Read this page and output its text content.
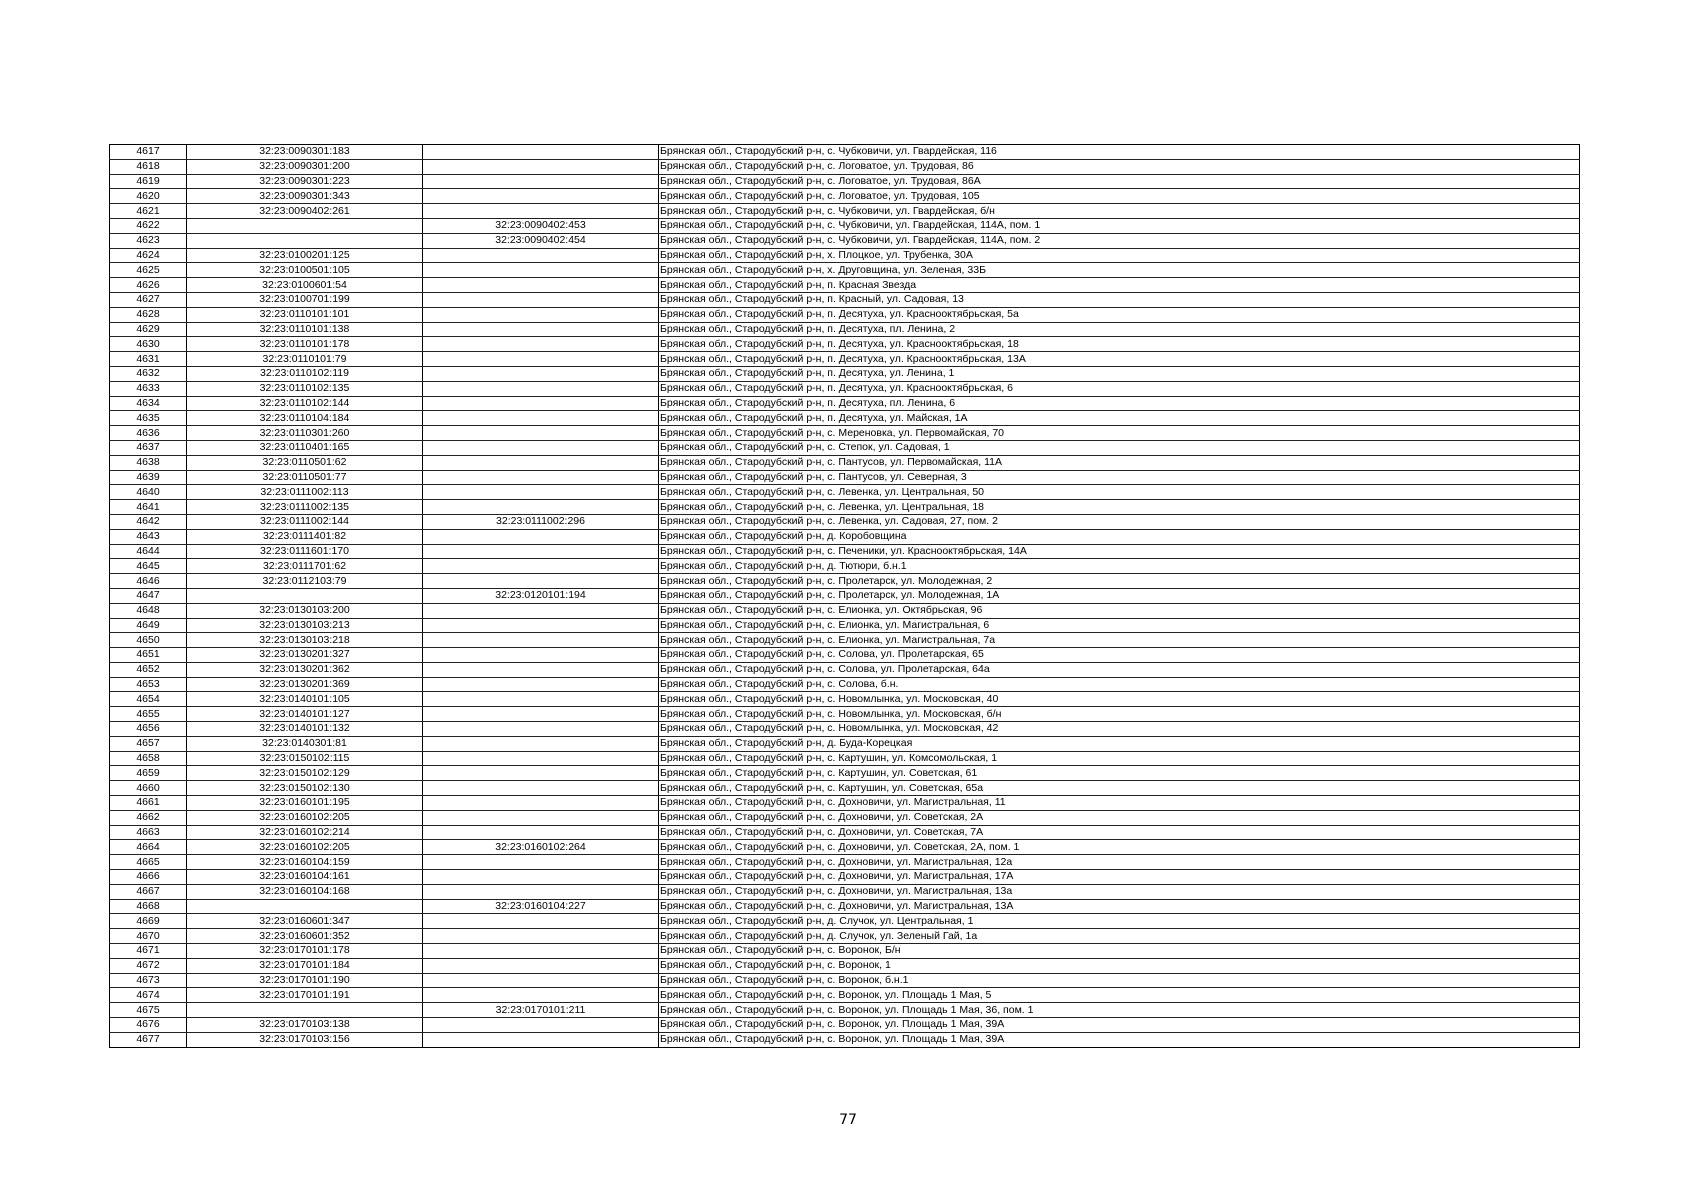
4617	32:23:0090301:183		Брянская обл., Стародубский р-н, с. Чубковичи, ул. Гвардейская, 116
4618	32:23:0090301:200		Брянская обл., Стародубский р-н, с. Логоватое, ул. Трудовая, 86
4619	32:23:0090301:223		Брянская обл., Стародубский р-н, с. Логоватое, ул. Трудовая, 86А
4620	32:23:0090301:343		Брянская обл., Стародубский р-н, с. Логоватое, ул. Трудовая, 105
4621	32:23:0090402:261		Брянская обл., Стародубский р-н, с. Чубковичи, ул. Гвардейская, б/н
4622		32:23:0090402:453	Брянская обл., Стародубский р-н, с. Чубковичи, ул. Гвардейская, 114А, пом. 1
4623		32:23:0090402:454	Брянская обл., Стародубский р-н, с. Чубковичи, ул. Гвардейская, 114А, пом. 2
4624	32:23:0100201:125		Брянская обл., Стародубский р-н, х. Плоцкое, ул. Трубенка, 30А
4625	32:23:0100501:105		Брянская обл., Стародубский р-н, х. Друговщина, ул. Зеленая, 33Б
4626	32:23:0100601:54		Брянская обл., Стародубский р-н, п. Красная Звезда
4627	32:23:0100701:199		Брянская обл., Стародубский р-н, п. Красный, ул. Садовая, 13
4628	32:23:0110101:101		Брянская обл., Стародубский р-н, п. Десятуха, ул. Краснооктябрьская, 5а
4629	32:23:0110101:138		Брянская обл., Стародубский р-н, п. Десятуха, пл. Ленина, 2
4630	32:23:0110101:178		Брянская обл., Стародубский р-н, п. Десятуха, ул. Краснооктябрьская, 18
4631	32:23:0110101:79		Брянская обл., Стародубский р-н, п. Десятуха, ул. Краснооктябрьская, 13А
4632	32:23:0110102:119		Брянская обл., Стародубский р-н, п. Десятуха, ул. Ленина, 1
4633	32:23:0110102:135		Брянская обл., Стародубский р-н, п. Десятуха, ул. Краснооктябрьская, 6
4634	32:23:0110102:144		Брянская обл., Стародубский р-н, п. Десятуха, пл. Ленина, 6
4635	32:23:0110104:184		Брянская обл., Стародубский р-н, п. Десятуха, ул. Майская, 1А
4636	32:23:0110301:260		Брянская обл., Стародубский р-н, с. Мереновка, ул. Первомайская, 70
4637	32:23:0110401:165		Брянская обл., Стародубский р-н, с. Степок, ул. Садовая, 1
4638	32:23:0110501:62		Брянская обл., Стародубский р-н, с. Пантусов, ул. Первомайская, 11А
4639	32:23:0110501:77		Брянская обл., Стародубский р-н, с. Пантусов, ул. Северная, 3
4640	32:23:0111002:113		Брянская обл., Стародубский р-н, с. Левенка, ул. Центральная, 50
4641	32:23:0111002:135		Брянская обл., Стародубский р-н, с. Левенка, ул. Центральная, 18
4642	32:23:0111002:144	32:23:0111002:296	Брянская обл., Стародубский р-н, с. Левенка, ул. Садовая, 27, пом. 2
4643	32:23:0111401:82		Брянская обл., Стародубский р-н, д. Коробовщина
4644	32:23:0111601:170		Брянская обл., Стародубский р-н, с. Печеники, ул. Краснооктябрьская, 14А
4645	32:23:0111701:62		Брянская обл., Стародубский р-н, д. Тютюри, б.н.1
4646	32:23:0112103:79		Брянская обл., Стародубский р-н, с. Пролетарск, ул. Молодежная, 2
4647		32:23:0120101:194	Брянская обл., Стародубский р-н, с. Пролетарск, ул. Молодежная, 1А
4648	32:23:0130103:200		Брянская обл., Стародубский р-н, с. Елионка, ул. Октябрьская, 96
4649	32:23:0130103:213		Брянская обл., Стародубский р-н, с. Елионка, ул. Магистральная, 6
4650	32:23:0130103:218		Брянская обл., Стародубский р-н, с. Елионка, ул. Магистральная, 7а
4651	32:23:0130201:327		Брянская обл., Стародубский р-н, с. Солова, ул. Пролетарская, 65
4652	32:23:0130201:362		Брянская обл., Стародубский р-н, с. Солова, ул. Пролетарская, 64а
4653	32:23:0130201:369		Брянская обл., Стародубский р-н, с. Солова, б.н.
4654	32:23:0140101:105		Брянская обл., Стародубский р-н, с. Новомлынка, ул. Московская, 40
4655	32:23:0140101:127		Брянская обл., Стародубский р-н, с. Новомлынка, ул. Московская, б/н
4656	32:23:0140101:132		Брянская обл., Стародубский р-н, с. Новомлынка, ул. Московская, 42
4657	32:23:0140301:81		Брянская обл., Стародубский р-н, д. Буда-Корецкая
4658	32:23:0150102:115		Брянская обл., Стародубский р-н, с. Картушин, ул. Комсомольская, 1
4659	32:23:0150102:129		Брянская обл., Стародубский р-н, с. Картушин, ул. Советская, 61
4660	32:23:0150102:130		Брянская обл., Стародубский р-н, с. Картушин, ул. Советская, 65а
4661	32:23:0160101:195		Брянская обл., Стародубский р-н, с. Дохновичи, ул. Магистральная, 11
4662	32:23:0160102:205		Брянская обл., Стародубский р-н, с. Дохновичи, ул. Советская, 2А
4663	32:23:0160102:214		Брянская обл., Стародубский р-н, с. Дохновичи, ул. Советская, 7А
4664	32:23:0160102:205	32:23:0160102:264	Брянская обл., Стародубский р-н, с. Дохновичи, ул. Советская, 2А, пом. 1
4665	32:23:0160104:159		Брянская обл., Стародубский р-н, с. Дохновичи, ул. Магистральная, 12а
4666	32:23:0160104:161		Брянская обл., Стародубский р-н, с. Дохновичи, ул. Магистральная, 17А
4667	32:23:0160104:168		Брянская обл., Стародубский р-н, с. Дохновичи, ул. Магистральная, 13а
4668		32:23:0160104:227	Брянская обл., Стародубский р-н, с. Дохновичи, ул. Магистральная, 13А
4669	32:23:0160601:347		Брянская обл., Стародубский р-н, д. Случок, ул. Центральная, 1
4670	32:23:0160601:352		Брянская обл., Стародубский р-н, д. Случок, ул. Зеленый Гай, 1а
4671	32:23:0170101:178		Брянская обл., Стародубский р-н, с. Воронок, Б/н
4672	32:23:0170101:184		Брянская обл., Стародубский р-н, с. Воронок, 1
4673	32:23:0170101:190		Брянская обл., Стародубский р-н, с. Воронок, б.н.1
4674	32:23:0170101:191		Брянская обл., Стародубский р-н, с. Воронок, ул. Площадь 1 Мая, 5
4675		32:23:0170101:211	Брянская обл., Стародубский р-н, с. Воронок, ул. Площадь 1 Мая, 36, пом. 1
4676	32:23:0170103:138		Брянская обл., Стародубский р-н, с. Воронок, ул. Площадь 1 Мая, 39А
4677	32:23:0170103:156		Брянская обл., Стародубский р-н, с. Воронок, ул. Площадь 1 Мая, 39А
77
